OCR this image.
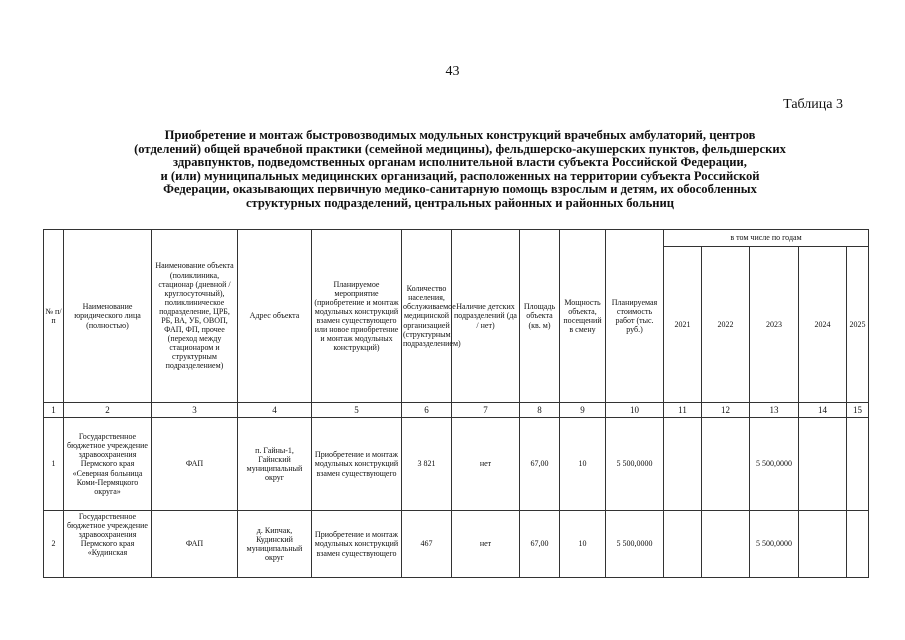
43
Таблица 3
Приобретение и монтаж быстровозводимых модульных конструкций врачебных амбулаторий, центров
(отделений) общей врачебной практики (семейной медицины), фельдшерско-акушерских пунктов, фельдшерских
здравпунктов, подведомственных органам исполнительной власти субъекта Российской Федерации,
и (или) муниципальных медицинских организаций, расположенных на территории субъекта Российской
Федерации, оказывающих первичную медико-санитарную помощь взрослым и детям, их обособленных
структурных подразделений, центральных районных и районных больниц
№ п/п	Наименование юридического лица (полностью)	Наименование объекта (поликлиника, стационар (дневной / круглосуточный), поликлиническое подразделение, ЦРБ, РБ, ВА, УБ, ОВОП, ФАП, ФП, прочее (переход между стационаром и структурным подразделением)	Адрес объекта	Планируемое мероприятие (приобретение и монтаж модульных конструкций взамен существующего или новое приобретение и монтаж модульных конструкций)	Количество населения, обслуживаемое медицинской организацией (структурным подразделением)	Наличие детских подразделений (да / нет)	Площадь объекта (кв. м)	Мощность объекта, посещений в смену	Планируемая стоимость работ (тыс. руб.)	в том числе по годам				
										2021	2022	2023	2024	2025
1	2	3	4	5	6	7	8	9	10	11	12	13	14	15
1	Государственное бюджетное учреждение здравоохранения Пермского края «Северная больница Коми-Пермяцкого округа»	ФАП	п. Гайны-1, Гайнский муниципальный округ	Приобретение и монтаж модульных конструкций взамен существующего	3 821	нет	67,00	10	5 500,0000			5 500,0000		
2	Государственное бюджетное учреждение здравоохранения Пермского края «Кудинская	ФАП	д. Кипчак, Кудинский муниципальный округ	Приобретение и монтаж модульных конструкций взамен существующего	467	нет	67,00	10	5 500,0000			5 500,0000		
